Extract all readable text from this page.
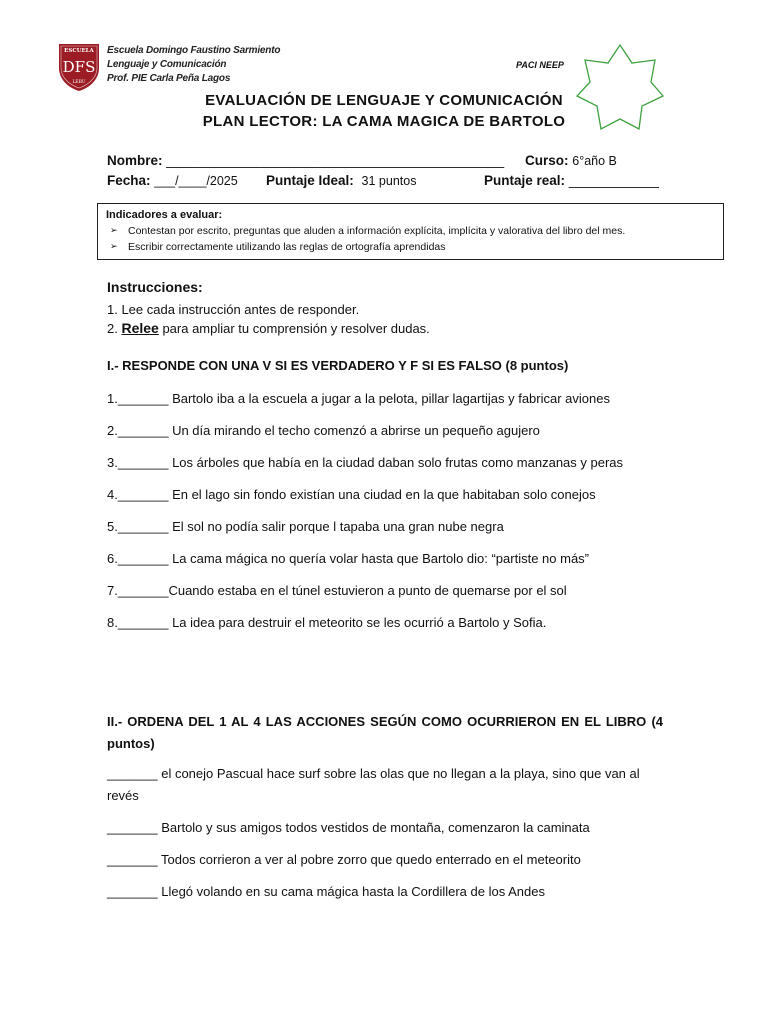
ESCUELA
DFS
LEBU
Escuela Domingo Faustino Sarmiento
Lenguaje y Comunicación
Prof. PIE Carla Peña Lagos
PACI NEEP
EVALUACIÓN DE LENGUAJE Y COMUNICACIÓN
PLAN LECTOR: LA CAMA MAGICA DE BARTOLO
Nombre: _____________________________________________ Curso: 6°año B
Fecha: ___/____/2025 Puntaje Ideal: 31 puntos	Puntaje real: ____________
Indicadores a evaluar:
➢ Contestan por escrito, preguntas que aluden a información explícita, implícita y valorativa del libro del mes.
➢ Escribir correctamente utilizando las reglas de ortografía aprendidas
Instrucciones:
1. Lee cada instrucción antes de responder.
2. Relee para ampliar tu comprensión y resolver dudas.
I.- RESPONDE CON UNA V SI ES VERDADERO Y F SI ES FALSO (8 puntos)
1._______ Bartolo iba a la escuela a jugar a la pelota, pillar lagartijas y fabricar aviones
2._______ Un día mirando el techo comenzó a abrirse un pequeño agujero
3._______ Los árboles que había en la ciudad daban solo frutas como manzanas y peras
4._______ En el lago sin fondo existían una ciudad en la que habitaban solo conejos
5._______ El sol no podía salir porque l tapaba una gran nube negra
6._______ La cama mágica no quería volar hasta que Bartolo dio: “partiste no más”
7._______Cuando estaba en el túnel estuvieron a punto de quemarse por el sol
8._______ La idea para destruir el meteorito se les ocurrió a Bartolo y Sofia.
II.- ORDENA DEL 1 AL 4 LAS ACCIONES SEGÚN COMO OCURRIERON EN EL LIBRO (4 puntos)
_______ el conejo Pascual hace surf sobre las olas que no llegan a la playa, sino que van al revés
_______ Bartolo y sus amigos todos vestidos de montaña, comenzaron la caminata
_______ Todos corrieron a ver al pobre zorro que quedo enterrado en el meteorito
_______ Llegó volando en su cama mágica hasta la Cordillera de los Andes
